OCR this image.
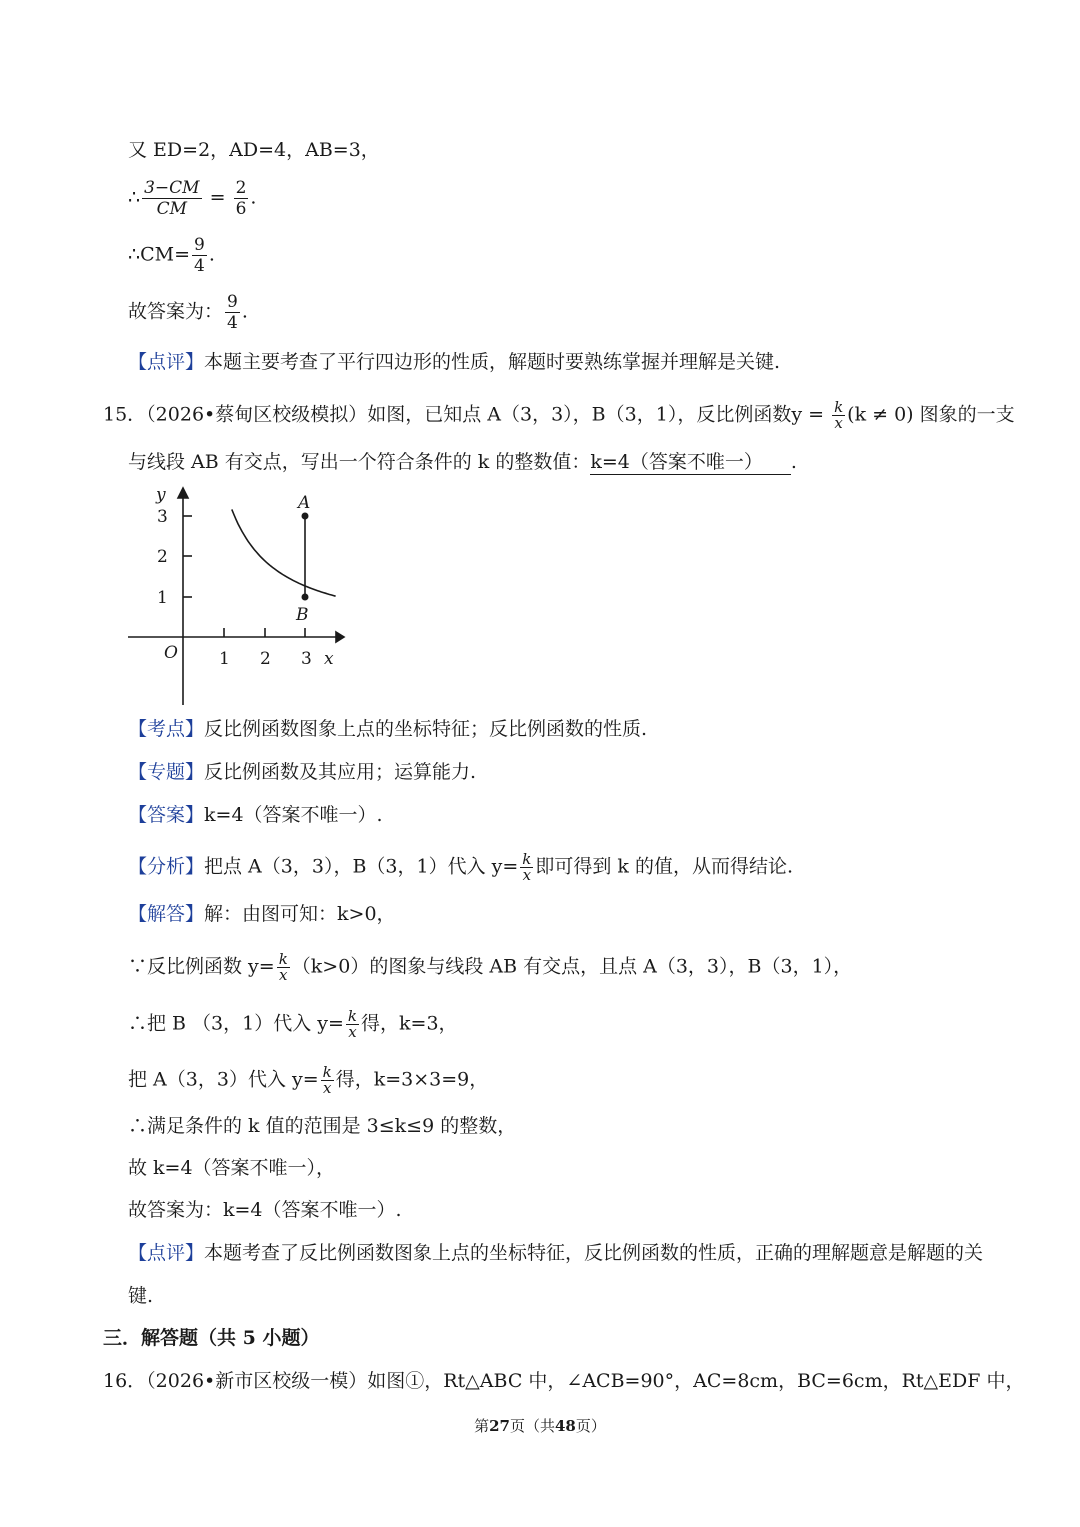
又 ED=2，AD=4，AB=3，
∴ $\frac{3-CM}{CM} = \frac{2}{6}$ .
∴CM= $\frac{9}{4}$ .
故答案为： $\frac{9}{4}$ .
【点评】本题主要考查了平行四边形的性质，解题时要熟练掌握并理解是关键.
15．（2026•蔡甸区校级模拟）如图，已知点 A（3，3），B（3，1），反比例函数$y = \frac{k}{x} (k \ne 0)$ 图象的一支
与线段 AB 有交点，写出一个符合条件的 k 的整数值：k=4（答案不唯一） .
y
x
O
3
2
1
1 2 3
A
B
【考点】反比例函数图象上点的坐标特征；反比例函数的性质.
【专题】反比例函数及其应用；运算能力.
【答案】k=4（答案不唯一）.
【分析】把点 A（3，3），B（3，1）代入 $y= \frac{k}{x}$ 即可得到 k 的值，从而得结论.
【解答】解：由图可知：k>0，
∵反比例函数 $y= \frac{k}{x} (k>0)$的图象与线段 AB 有交点，且点 A（3，3），B（3，1），
∴把 B （3，1）代入 $y= \frac{k}{x}$ 得，k=3，
把 A（3，3）代入 $y= \frac{k}{x}$ 得，k=3×3=9，
∴满足条件的 k 值的范围是 3≤k≤9 的整数，
故 k=4（答案不唯一），
故答案为：k=4（答案不唯一）.
【点评】本题考查了反比例函数图象上点的坐标特征，反比例函数的性质，正确的理解题意是解题的关
键.
三．解答题（共 5 小题）
16．（2026•新市区校级一模）如图①，Rt△ABC 中，∠ACB=90°，AC=8cm，BC=6cm，Rt△EDF 中，
第27页（共48页）
